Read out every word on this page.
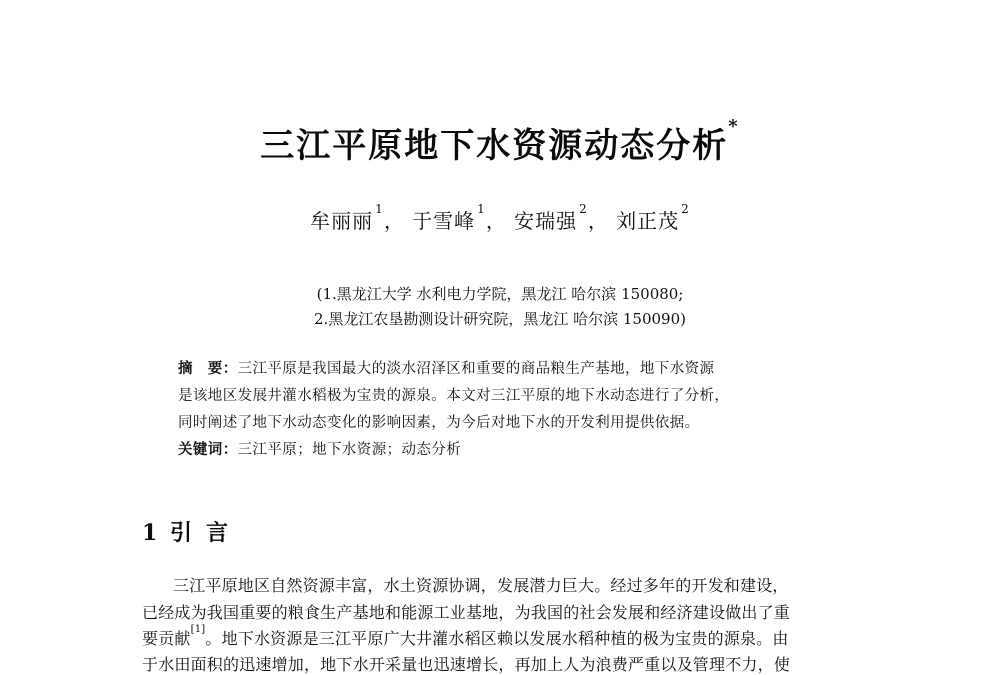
三江平原地下水资源动态分析*
牟丽丽 $^1$， 于雪峰 $^1$， 安瑞强 $^2$， 刘正茂 $^2$
(1.黑龙江大学 水利电力学院，黑龙江 哈尔滨 150080;
2.黑龙江农垦勘测设计研究院，黑龙江 哈尔滨 150090)
摘　要：三江平原是我国最大的淡水沼泽区和重要的商品粮生产基地，地下水资源
是该地区发展井灌水稻极为宝贵的源泉。本文对三江平原的地下水动态进行了分析，
同时阐述了地下水动态变化的影响因素，为今后对地下水的开发利用提供依据。
关键词：三江平原；地下水资源；动态分析
1 引言
三江平原地区自然资源丰富，水土资源协调，发展潜力巨大。经过多年的开发和建设，
已经成为我国重要的粮食生产基地和能源工业基地，为我国的社会发展和经济建设做出了重
要贡献[1]。地下水资源是三江平原广大井灌水稻区赖以发展水稻种植的极为宝贵的源泉。由
于水田面积的迅速增加，地下水开采量也迅速增长，再加上人为浪费严重以及管理不力，使
